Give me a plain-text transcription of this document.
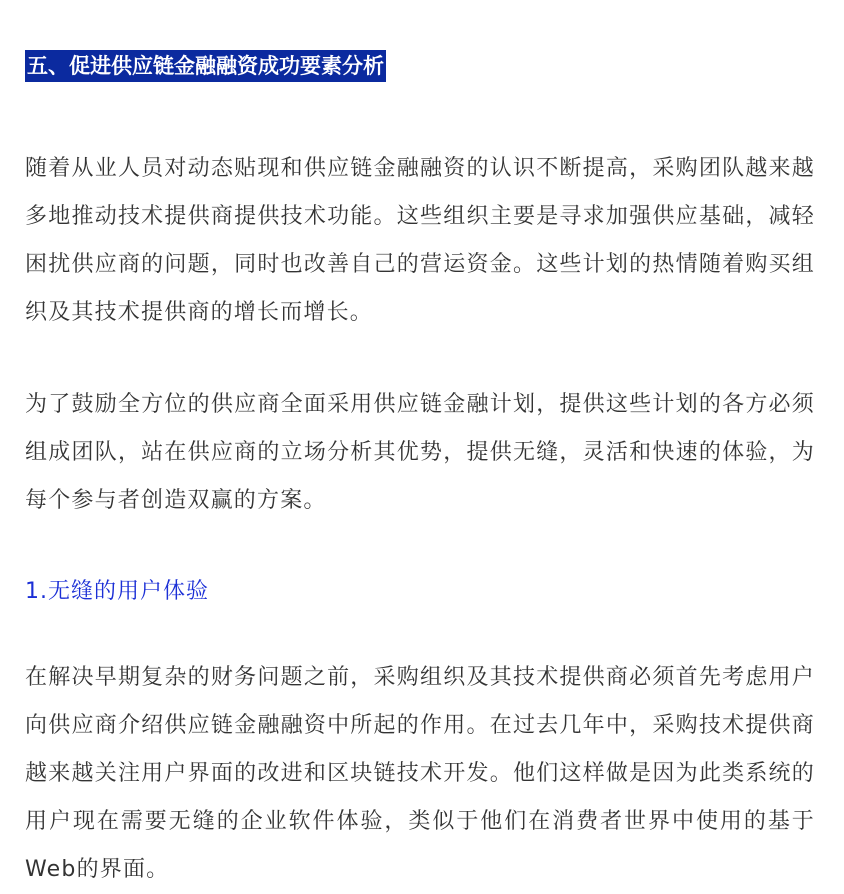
五、促进供应链金融融资成功要素分析

随着从业人员对动态贴现和供应链金融融资的认识不断提高，采购团队越来越多地推动技术提供商提供技术功能。这些组织主要是寻求加强供应基础，减轻困扰供应商的问题，同时也改善自己的营运资金。这些计划的热情随着购买组织及其技术提供商的增长而增长。

为了鼓励全方位的供应商全面采用供应链金融计划，提供这些计划的各方必须组成团队，站在供应商的立场分析其优势，提供无缝，灵活和快速的体验，为每个参与者创造双赢的方案。

1.无缝的用户体验

在解决早期复杂的财务问题之前，采购组织及其技术提供商必须首先考虑用户向供应商介绍供应链金融融资中所起的作用。在过去几年中，采购技术提供商越来越关注用户界面的改进和区块链技术开发。他们这样做是因为此类系统的用户现在需要无缝的企业软件体验，类似于他们在消费者世界中使用的基于Web的界面。
